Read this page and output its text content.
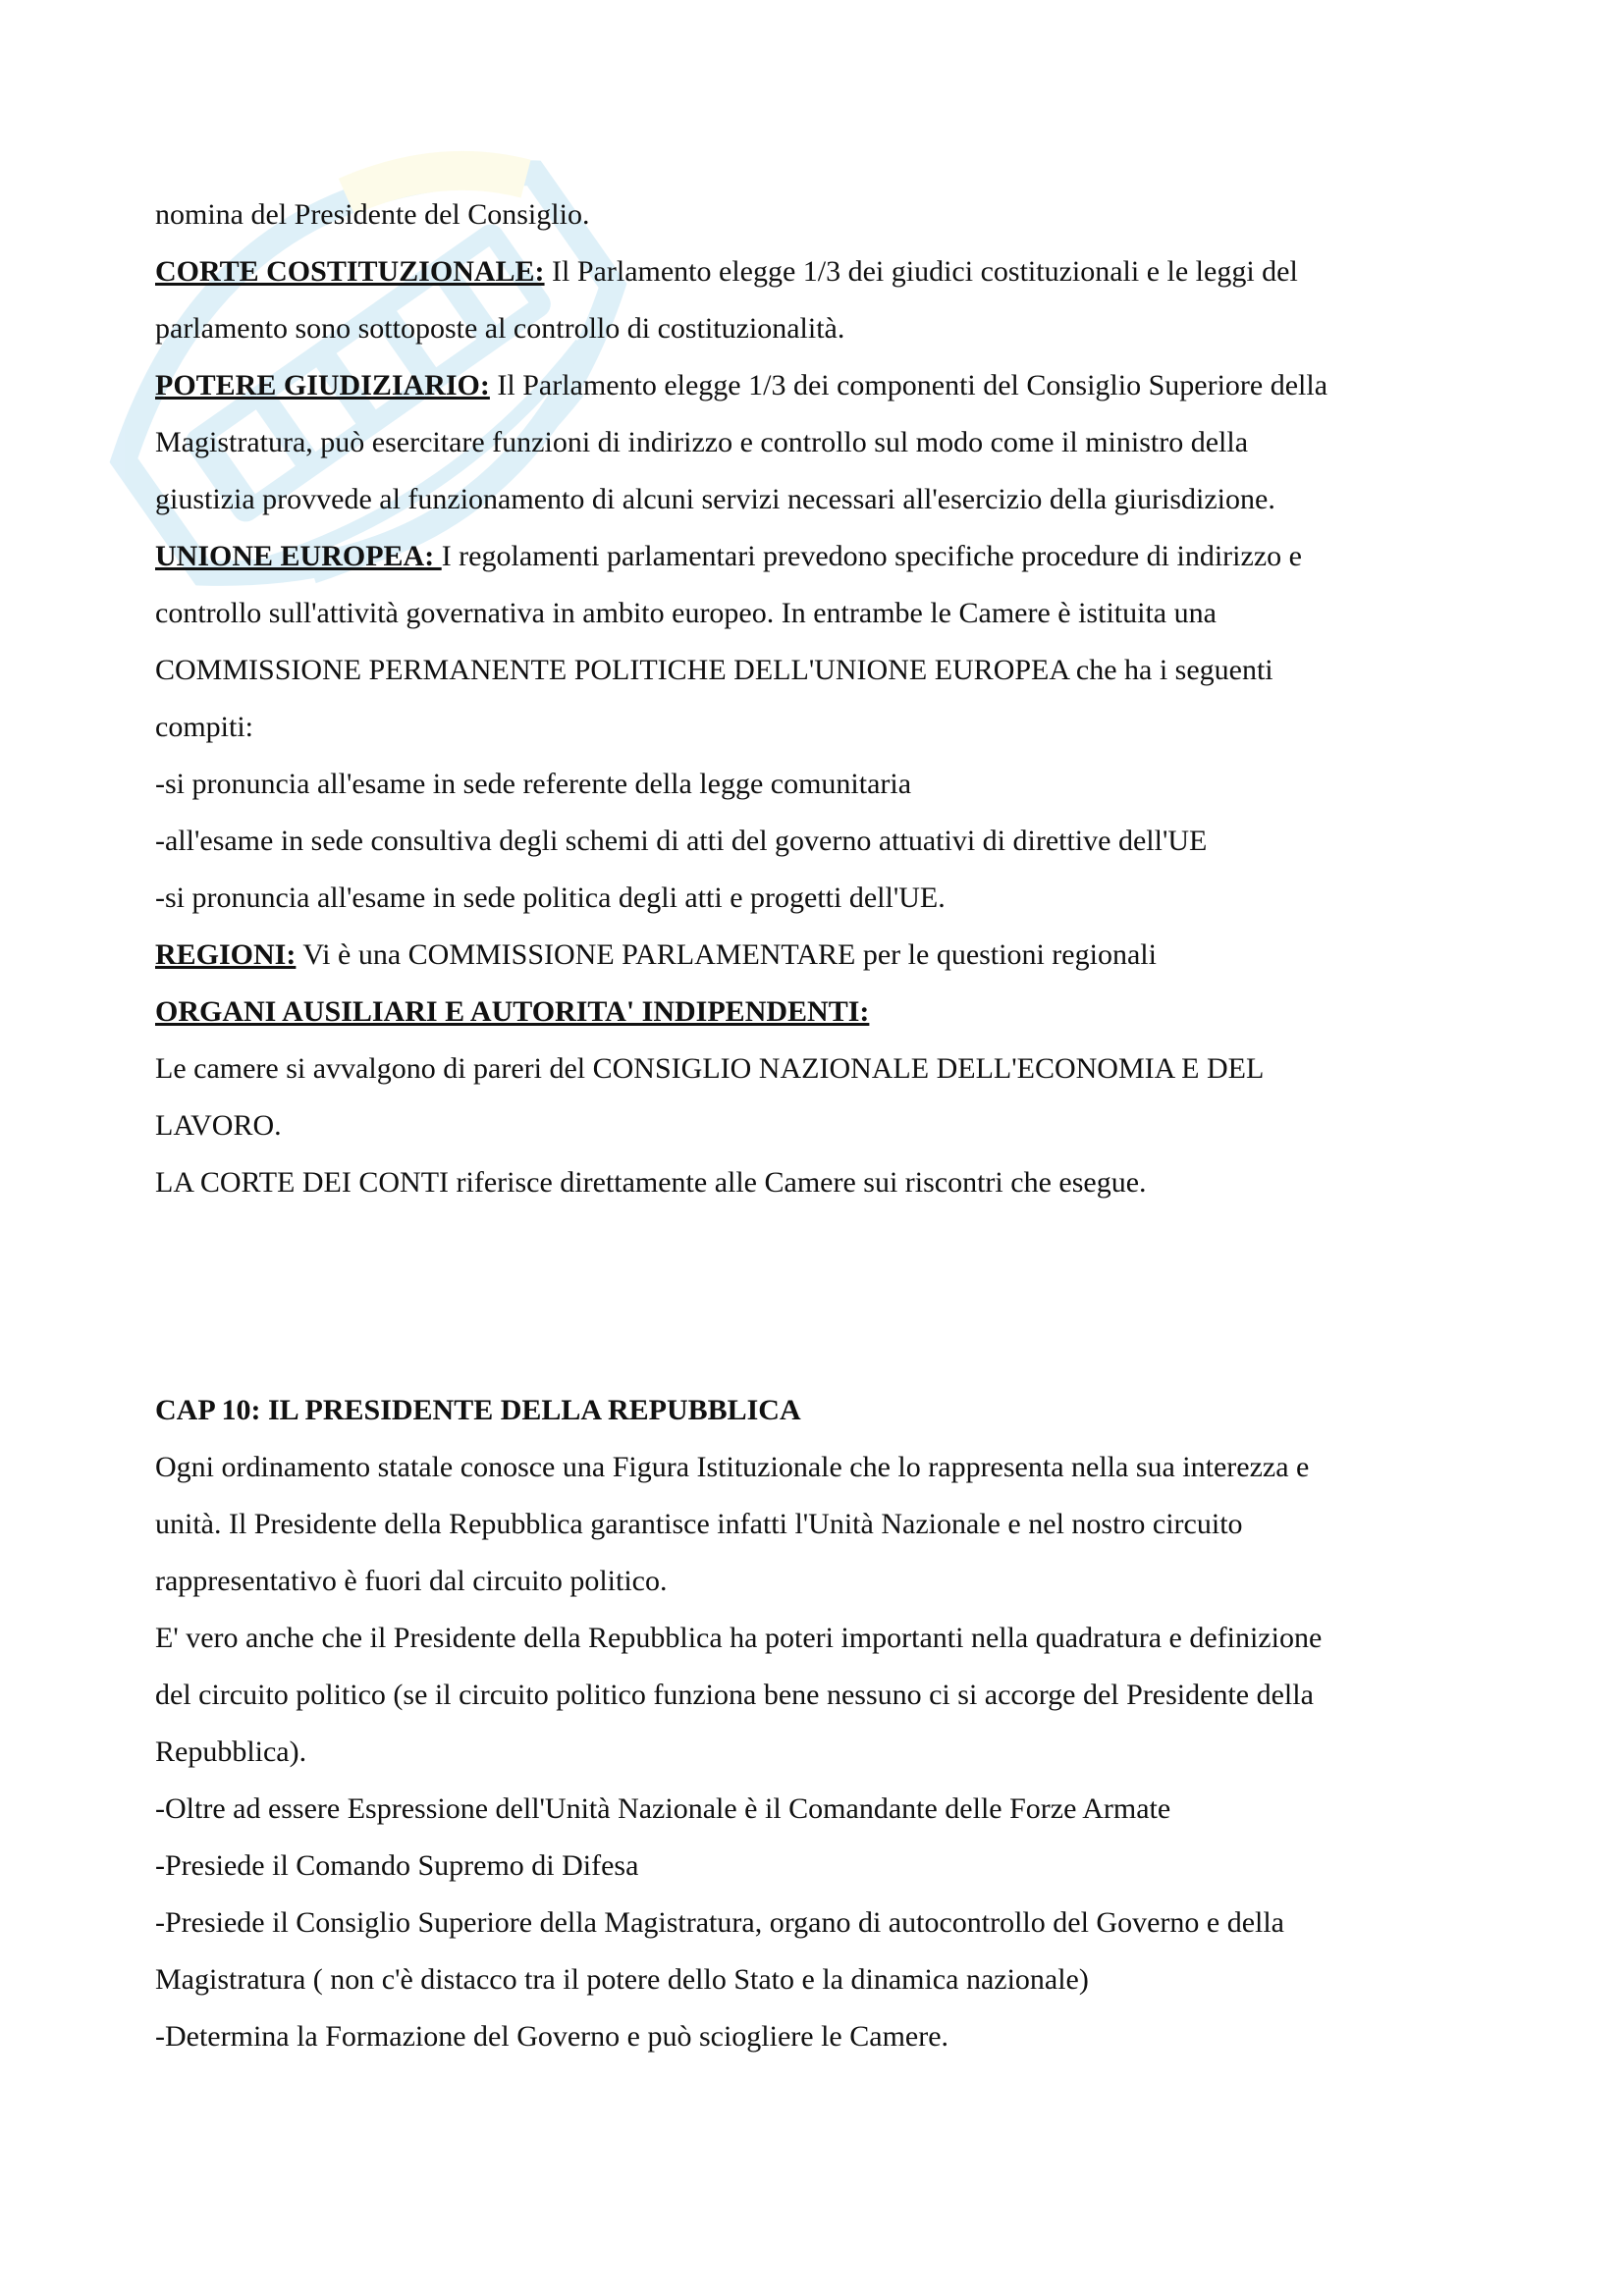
nomina del Presidente del Consiglio.

CORTE COSTITUZIONALE: Il Parlamento elegge 1/3 dei giudici costituzionali e le leggi del

parlamento sono sottoposte al controllo di costituzionalità.

POTERE GIUDIZIARIO: Il Parlamento elegge 1/3 dei componenti del Consiglio Superiore della

Magistratura, può esercitare funzioni di indirizzo e controllo sul modo come il ministro della

giustizia provvede al funzionamento di alcuni servizi necessari all'esercizio della giurisdizione.

UNIONE EUROPEA: I regolamenti parlamentari prevedono specifiche procedure di indirizzo e

controllo sull'attività governativa in ambito europeo. In entrambe le Camere è istituita una

COMMISSIONE PERMANENTE POLITICHE DELL'UNIONE EUROPEA che ha i seguenti

compiti:

-si pronuncia all'esame in sede referente della legge comunitaria

-all'esame in sede consultiva degli schemi di atti del governo attuativi di direttive dell'UE

-si pronuncia all'esame in sede politica degli atti e progetti dell'UE.

REGIONI: Vi è una COMMISSIONE PARLAMENTARE per le questioni regionali

ORGANI AUSILIARI E AUTORITA' INDIPENDENTI:

Le camere si avvalgono di pareri del CONSIGLIO NAZIONALE DELL'ECONOMIA E DEL

LAVORO.

LA CORTE DEI CONTI riferisce direttamente alle Camere sui riscontri che esegue.

CAP 10: IL PRESIDENTE DELLA REPUBBLICA

Ogni ordinamento statale conosce una Figura Istituzionale che lo rappresenta nella sua interezza e

unità. Il Presidente della Repubblica garantisce infatti l'Unità Nazionale e nel nostro circuito

rappresentativo è fuori dal circuito politico.

E' vero anche che il Presidente della Repubblica ha poteri importanti nella quadratura e definizione

del circuito politico (se il circuito politico funziona bene nessuno ci si accorge del Presidente della

Repubblica).

-Oltre ad essere Espressione dell'Unità Nazionale è il Comandante delle Forze Armate

-Presiede il Comando Supremo di Difesa

-Presiede il Consiglio Superiore della Magistratura, organo di autocontrollo del Governo e della

Magistratura ( non c'è distacco tra il potere dello Stato e la dinamica nazionale)

-Determina la Formazione del Governo e può sciogliere le Camere.
